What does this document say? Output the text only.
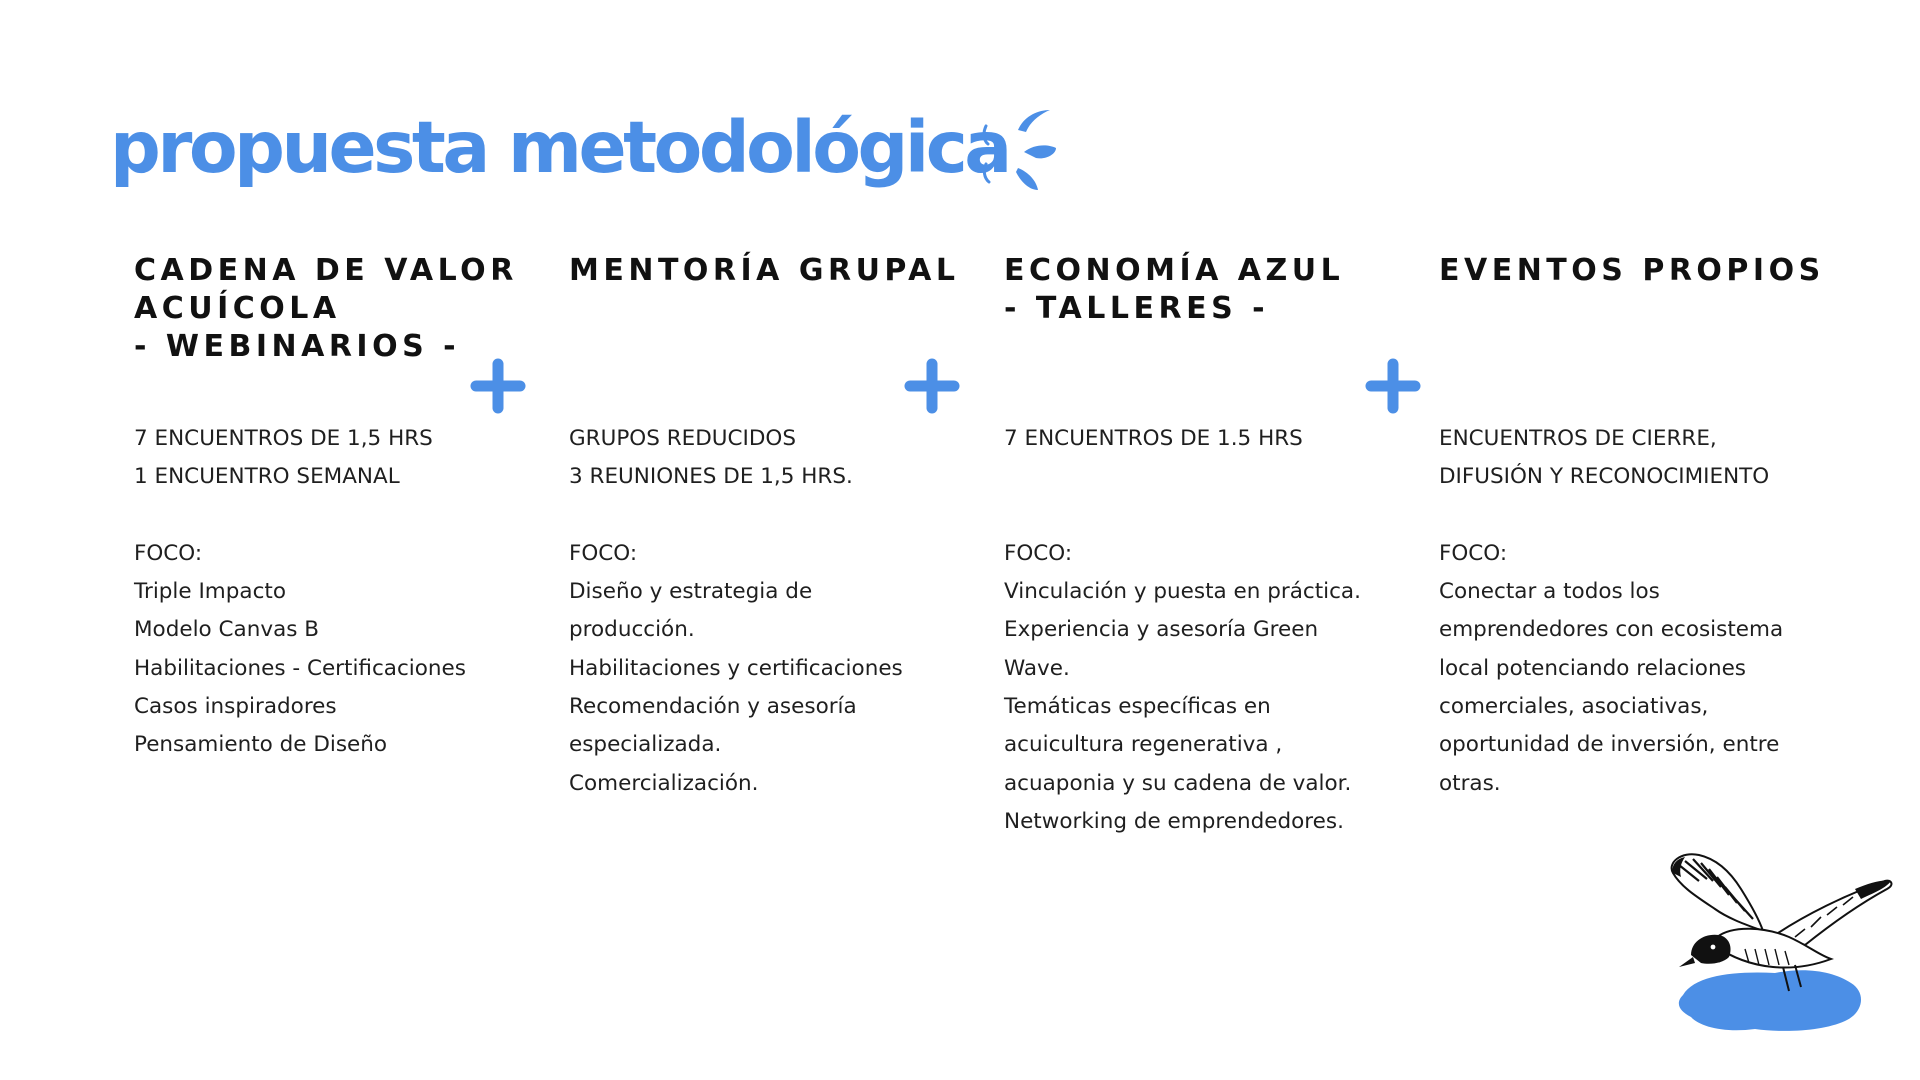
propuesta metodológica
CADENA DE VALOR
ACUÍCOLA
- WEBINARIOS -
7 ENCUENTROS DE 1,5 HRS
1 ENCUENTRO SEMANAL
FOCO:
Triple Impacto
Modelo Canvas B
Habilitaciones - Certificaciones
Casos inspiradores
Pensamiento de Diseño
MENTORÍA GRUPAL
GRUPOS REDUCIDOS
3 REUNIONES DE 1,5 HRS.
FOCO:
Diseño y estrategia de
producción.
Habilitaciones y certificaciones
Recomendación y asesoría
especializada.
Comercialización.
ECONOMÍA AZUL
- TALLERES -
7 ENCUENTROS DE 1.5 HRS
FOCO:
Vinculación y puesta en práctica.
Experiencia y asesoría Green
Wave.
Temáticas específicas en
acuicultura regenerativa ,
acuaponia y su cadena de valor.
Networking de emprendedores.
EVENTOS PROPIOS
ENCUENTROS DE CIERRE,
DIFUSIÓN Y RECONOCIMIENTO
FOCO:
Conectar a todos los
emprendedores con ecosistema
local potenciando relaciones
comerciales, asociativas,
oportunidad de inversión, entre
otras.
